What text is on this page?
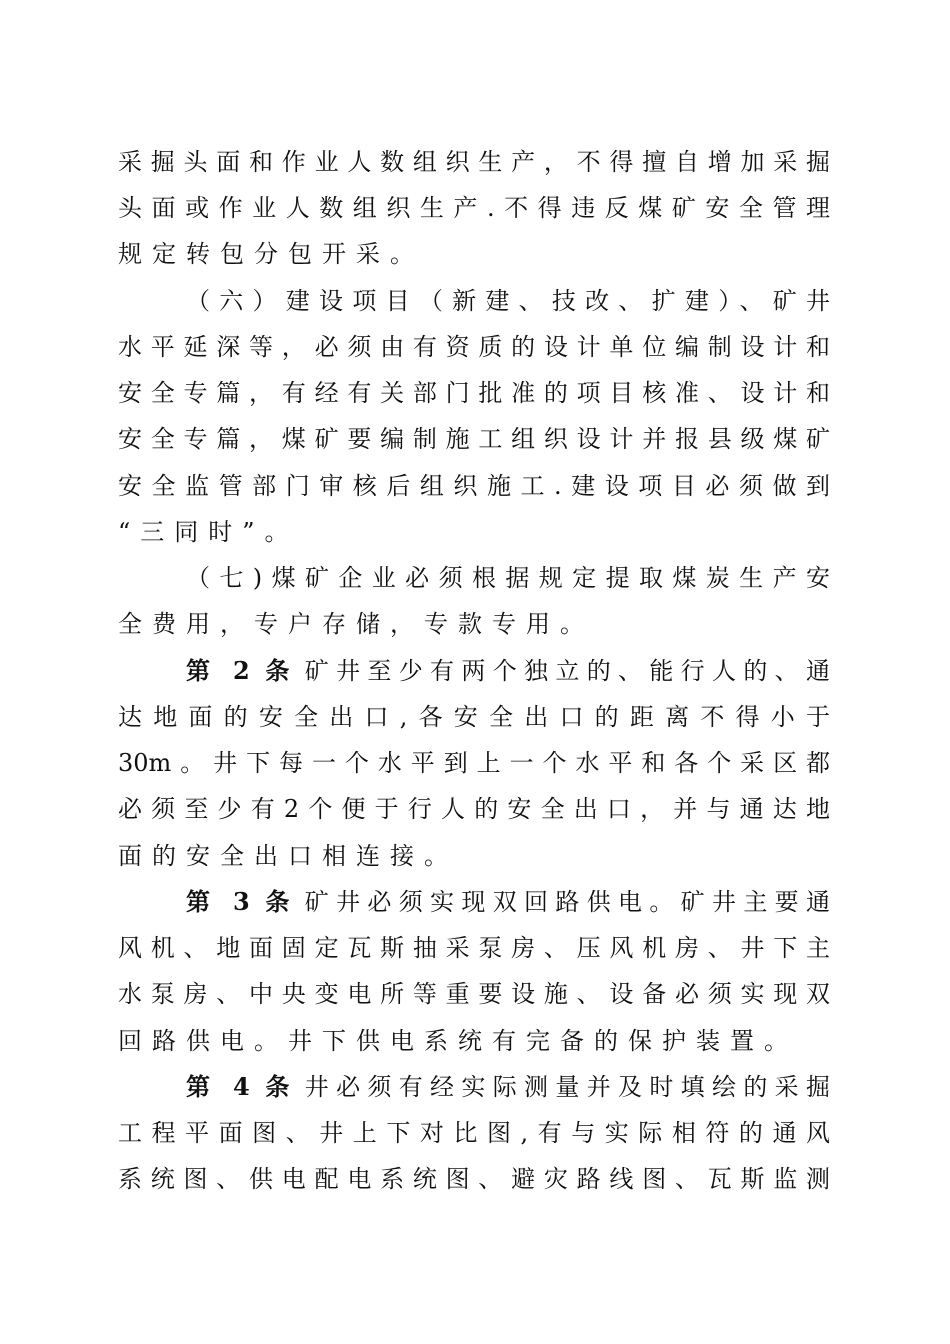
采掘头面和作业人数组织生产，不得擅自增加采掘
头面或作业人数组织生产.不得违反煤矿安全管理
规定转包分包开采。
（六）建设项目（新建、技改、扩建）、矿井
水平延深等，必须由有资质的设计单位编制设计和
安全专篇，有经有关部门批准的项目核准、设计和
安全专篇，煤矿要编制施工组织设计并报县级煤矿
安全监管部门审核后组织施工.建设项目必须做到
“三同时”。
（七)煤矿企业必须根据规定提取煤炭生产安
全费用，专户存储，专款专用。
第 2 条 矿井至少有两个独立的、能行人的、通
达地面的安全出口,各安全出口的距离不得小于
30m。井下每一个水平到上一个水平和各个采区都
必须至少有2个便于行人的安全出口，并与通达地
面的安全出口相连接。
第 3 条 矿井必须实现双回路供电。矿井主要通
风机、地面固定瓦斯抽采泵房、压风机房、井下主
水泵房、中央变电所等重要设施、设备必须实现双
回路供电。井下供电系统有完备的保护装置。
第 4 条 井必须有经实际测量并及时填绘的采掘
工程平面图、井上下对比图,有与实际相符的通风
系统图、供电配电系统图、避灾路线图、瓦斯监测
